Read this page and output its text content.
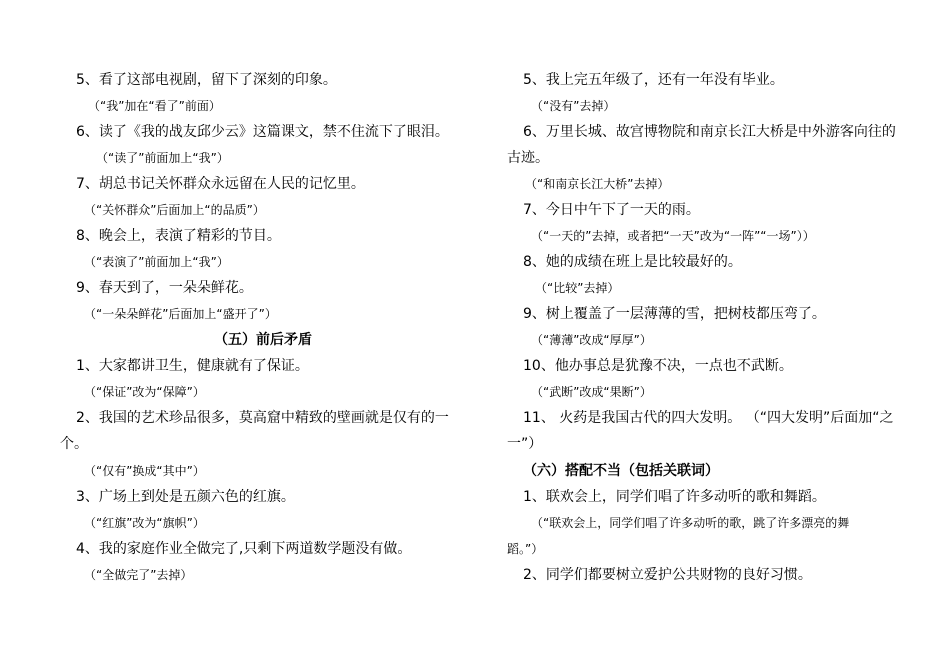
5、看了这部电视剧，留下了深刻的印象。
（“我”加在“看了”前面）
6、读了《我的战友邱少云》这篇课文，禁不住流下了眼泪。
（“读了”前面加上“我”）
7、胡总书记关怀群众永远留在人民的记忆里。
（“关怀群众”后面加上“的品质”）
8、晚会上，表演了精彩的节目。
（“表演了”前面加上“我”）
9、春天到了，一朵朵鲜花。
（“一朵朵鲜花”后面加上“盛开了”）
（五）前后矛盾
1、大家都讲卫生，健康就有了保证。
（“保证”改为“保障”）
2、我国的艺术珍品很多，莫高窟中精致的壁画就是仅有的一
个。
（“仅有”换成“其中”）
3、广场上到处是五颜六色的红旗。
（“红旗”改为“旗帜”）
4、我的家庭作业全做完了,只剩下两道数学题没有做。
（“全做完了”去掉）
5、我上完五年级了，还有一年没有毕业。
（“没有”去掉）
6、万里长城、故宫博物院和南京长江大桥是中外游客向往的
古迹。
（“和南京长江大桥”去掉）
7、今日中午下了一天的雨。
（“一天的”去掉，或者把“一天”改为“一阵”“一场”））
8、她的成绩在班上是比较最好的。
（“比较”去掉）
9、树上覆盖了一层薄薄的雪，把树枝都压弯了。
（“薄薄”改成“厚厚”）
10、他办事总是犹豫不决，一点也不武断。
（“武断”改成“果断”）
11、 火药是我国古代的四大发明。 （“四大发明”后面加“之
一”）
（六）搭配不当（包括关联词）
1、联欢会上，同学们唱了许多动听的歌和舞蹈。
（“联欢会上，同学们唱了许多动听的歌，跳了许多漂亮的舞
蹈。”）
2、同学们都要树立爱护公共财物的良好习惯。
